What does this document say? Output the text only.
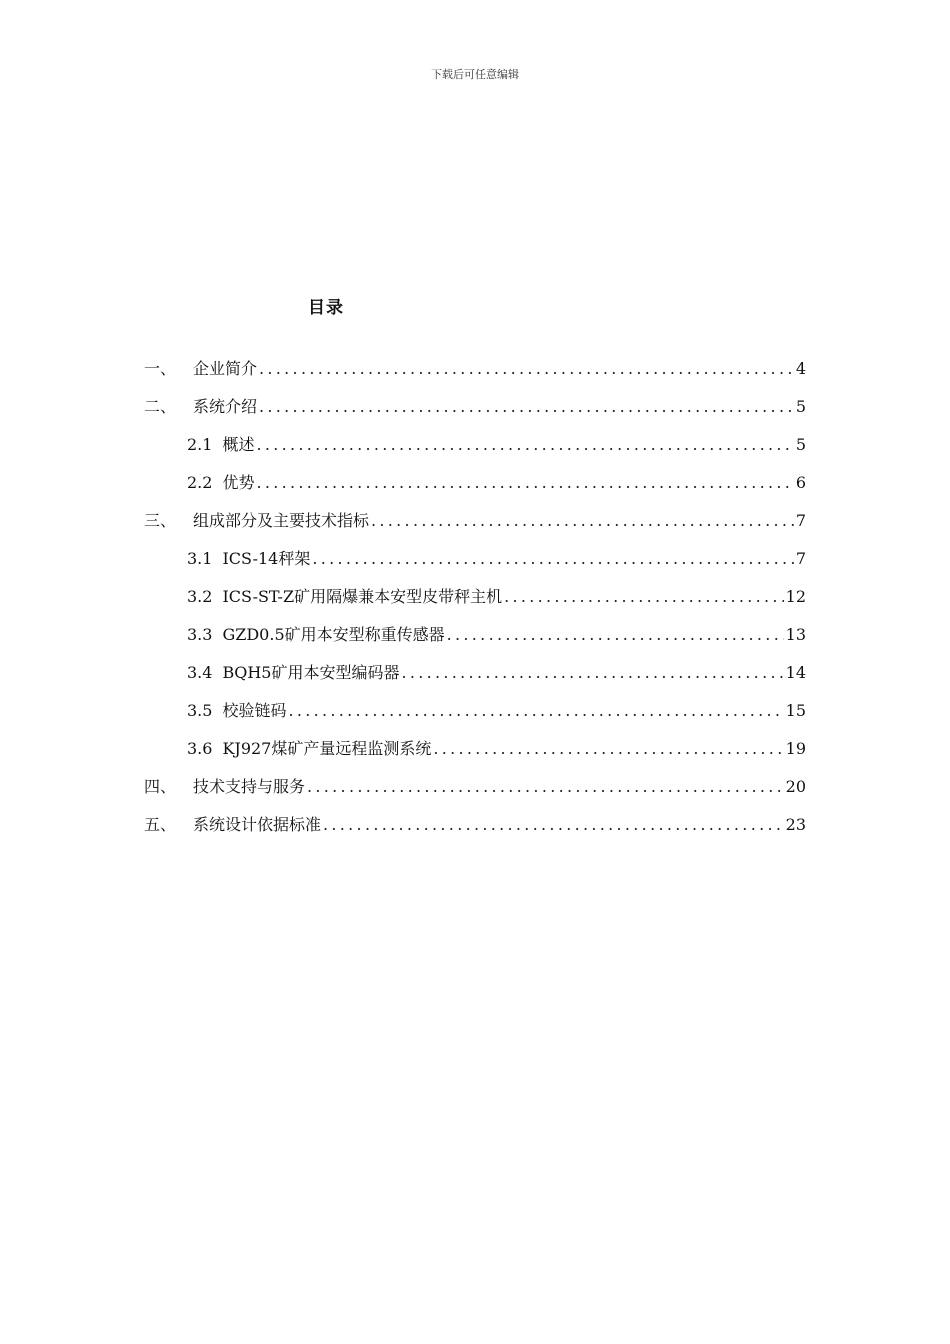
下载后可任意编辑
目录
一、	企业简介 .....	4
二、	系统介绍 .....	5
2.1 概述 .....	5
2.2 优势 .....	6
三、	组成部分及主要技术指标 .....	7
3.1 ICS-14秤架 .....	7
3.2 ICS-ST-Z矿用隔爆兼本安型皮带秤主机 .....	12
3.3 GZD0.5矿用本安型称重传感器 .....	13
3.4 BQH5矿用本安型编码器 .....	14
3.5 校验链码 .....	15
3.6 KJ927煤矿产量远程监测系统 .....	19
四、	技术支持与服务 .....	20
五、	系统设计依据标准 .....	23
